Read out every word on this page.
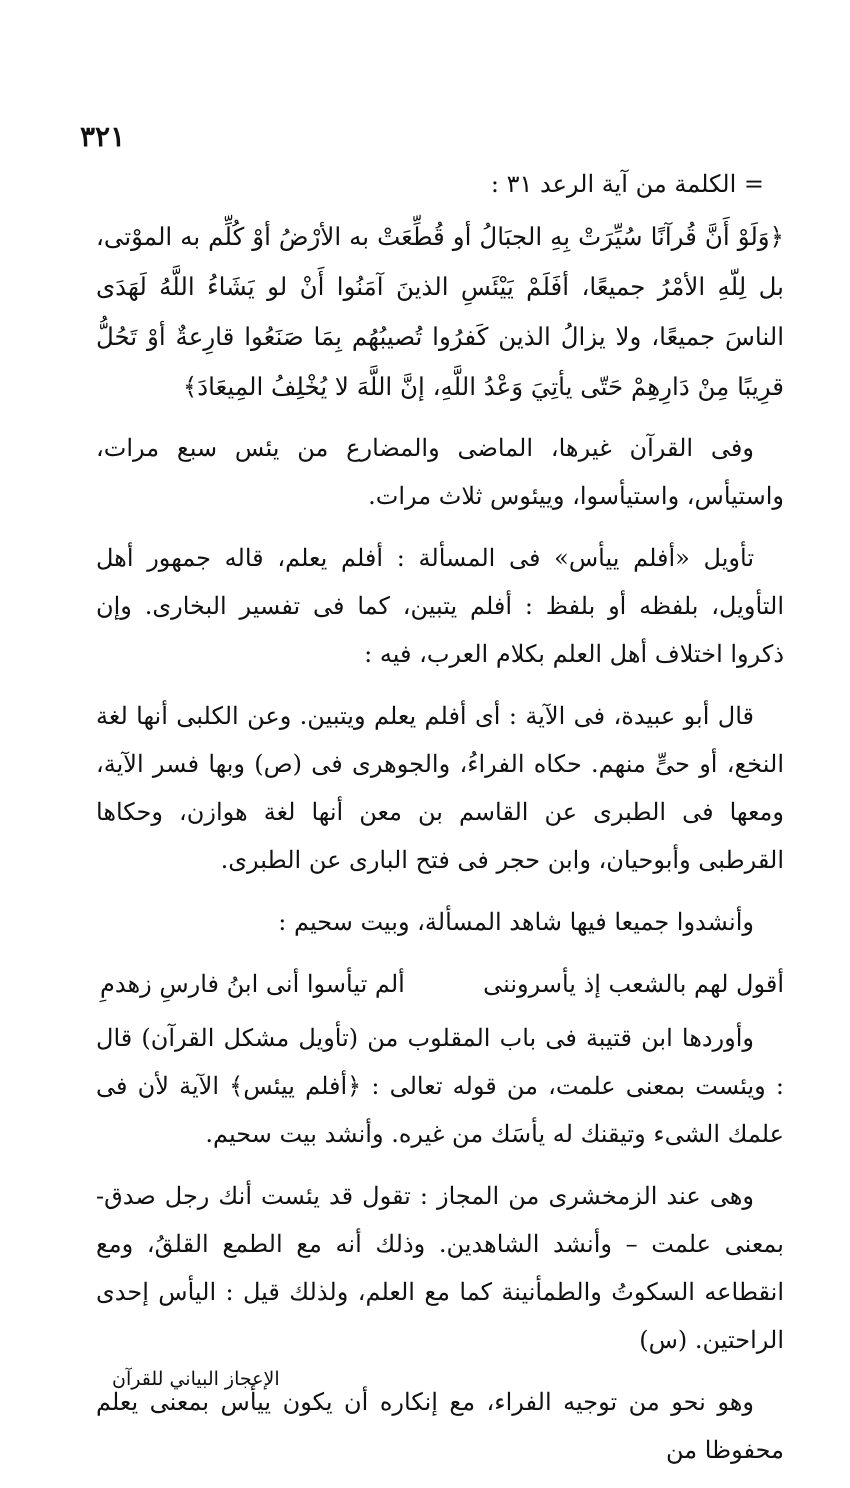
٣٢١

= الكلمة من آية الرعد ٣١ :

﴿وَلَوْ أَنَّ قُرآنًا سُيِّرَتْ بِهِ الجبَالُ أو قُطِّعَتْ به الأرْضُ أوْ كُلِّم به الموْتى، بل لِلّهِ الأمْرُ جميعًا، أفَلَمْ يَيْئَسِ الذينَ آمَنُوا أَنْ لو يَشَاءُ اللَّهُ لَهَدَى الناسَ جميعًا، ولا يزالُ الذين كَفرُوا تُصيبُهُم بِمَا صَنَعُوا قارِعةٌ أوْ تَحُلُّ قرِيبًا مِنْ دَارِهِمْ حَتّى يأتِيَ وَعْدُ اللَّهِ، إنَّ اللَّهَ لا يُخْلِفُ المِيعَادَ﴾

وفى القرآن غيرها، الماضى والمضارع من يئس سبع مرات، واستيأس، واستيأسوا، وييئوس ثلاث مرات.

تأويل «أفلم ييأس» فى المسألة : أفلم يعلم، قاله جمهور أهل التأويل، بلفظه أو بلفظ : أفلم يتبين، كما فى تفسير البخارى. وإن ذكروا اختلاف أهل العلم بكلام العرب، فيه :

قال أبو عبيدة، فى الآية : أى أفلم يعلم ويتبين. وعن الكلبى أنها لغة النخع، أو حىٍّ منهم. حكاه الفراءُ، والجوهرى فى (ص) وبها فسر الآية، ومعها فى الطبرى عن القاسم بن معن أنها لغة هوازن، وحكاها القرطبى وأبوحيان، وابن حجر فى فتح البارى عن الطبرى.

وأنشدوا جميعا فيها شاهد المسألة، وبيت سحيم :

أقول لهم بالشعب إذ يأسروننى
ألم تيأسوا أنى ابنُ فارسِ زهدمِ

وأوردها ابن قتيبة فى باب المقلوب من (تأويل مشكل القرآن) قال : ويئست بمعنى علمت، من قوله تعالى : ﴿أفلم ييئس﴾ الآية لأن فى علمك الشىء وتيقنك له يأسَك من غيره. وأنشد بيت سحيم.

وهى عند الزمخشرى من المجاز : تقول قد يئست أنك رجل صدق- بمعنى علمت – وأنشد الشاهدين. وذلك أنه مع الطمع القلقُ، ومع انقطاعه السكوتُ والطمأنينة كما مع العلم، ولذلك قيل : اليأس إحدى الراحتين. (س)

وهو نحو من توجيه الفراء، مع إنكاره أن يكون ييأس بمعنى يعلم محفوظا من

الإعجاز البياني للقرآن
